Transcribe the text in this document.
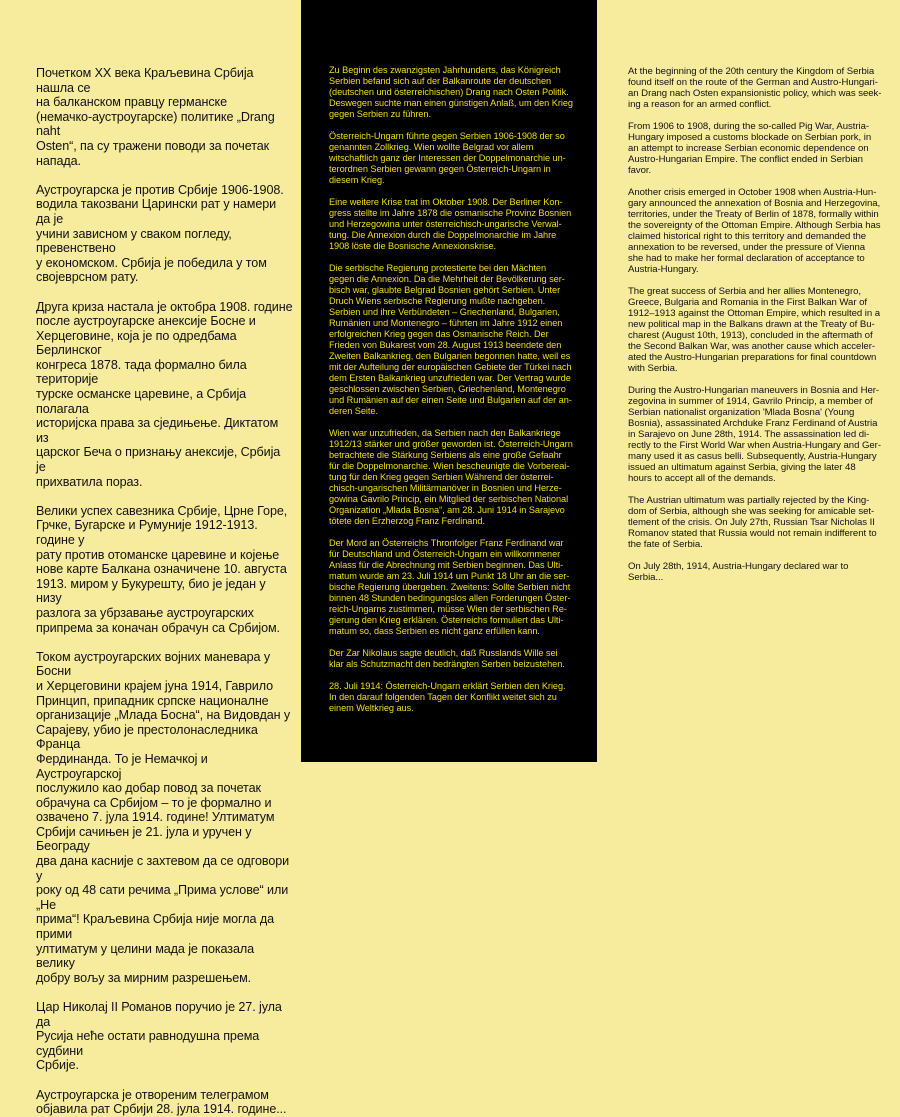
Почетком XX века Краљевина Србија нашла се
на балканском правцу германске
(немачко-аустроугарске) политике „Drang naht
Osten“, па су тражени поводи за почетак
напада.

Аустроугарска је против Србије 1906-1908.
водила такозвани Царински рат у намери да је
учини зависном у сваком погледу, превенствено
у економском. Србија је победила у том
својеврсном рату.

Друга криза настала је октобра 1908. године
после аустроугарске анексије Босне и
Херцеговине, која је по одредбама Берлинског
конгреса 1878. тада формално била територије
турске османске царевине, а Србија полагала
историјска права за сједињење. Диктатом из
царског Беча о признању анексије, Србија је
прихватила пораз.

Велики успех савезника Србије, Црне Горе,
Грчке, Бугарске и Румуније 1912-1913. године у
рату против отоманске царевине и којење
нове карте Балкана означичене 10. августа
1913. миром у Букурешту, био је један у низу
разлога за убрзавање аустроугарских
припрема за коначан обрачун са Србијом.

Током аустроугарских војних маневара у Босни
и Херцеговини крајем јуна 1914, Гаврило
Принцип, припадник српске националне
организације „Млада Босна“, на Видовдан у
Сарајеву, убио је престолонаследника Франца
Фердинанда. То је Немачкој и Аустроугарској
послужило као добар повод за почетак
обрачуна са Србијом – то је формално и
озвачено 7. јула 1914. године! Ултиматум
Србији сачињен је 21. јула и уручен у Београду
два дана касније с захтевом да се одговори у
року од 48 сати речима „Прима услове“ или „Не
прима“! Краљевина Србија није могла да прими
ултиматум у целини мада је показала велику
добру вољу за мирним разрешењем.

Цар Николај II Романов поручио је 27. јула да
Русија неће остати равнодушна према судбини
Србије.

Аустроугарска је отвореним телеграмом
објавила рат Србији 28. јула 1914. године...

Zu Beginn des zwanzigsten Jahrhunderts, das Königreich
Serbien befand sich auf der Balkanroute der deutschen
(deutschen und österreichischen) Drang nach Osten Politik.
Deswegen suchte man einen günstigen Anlaß, um den Krieg
gegen Serbien zu führen.

Österreich-Ungarn führte gegen Serbien 1906-1908 der so
genannten Zollkrieg. Wien wollte Belgrad vor allem
witschaftlich ganz der Interessen der Doppelmonarchie un-
terordnen Serbien gewann gegen Österreich-Ungarn in
diesem Krieg.

Eine weitere Krise trat im Oktober 1908. Der Berliner Kon-
gress stellte im Jahre 1878 die osmanische Provinz Bosnien
und Herzegowina unter österreichisch-ungarische Verwal-
tung. Die Annexion durch die Doppelmonarchie im Jahre
1908 löste die Bosnische Annexionskrise.

Die serbische Regierung protestierte bei den Mächten
gegen die Annexion. Da die Mehrheit der Bevölkerung ser-
bisch war, glaubte Belgrad Bosnien gehört Serbien. Unter
Druch Wiens serbische Regierung mußte nachgeben.
Serbien und ihre Verbündeten – Griechenland, Bulgarien,
Rumänien und Montenegro – führten im Jahre 1912 einen
erfolgreichen Krieg gegen das Osmanische Reich. Der
Frieden von Bukarest vom 28. August 1913 beendete den
Zweiten Balkankrieg, den Bulgarien begonnen hatte, weil es
mit der Aufteilung der europäischen Gebiete der Türkei nach
dem Ersten Balkankrieg unzufrieden war. Der Vertrag wurde
geschlossen zwischen Serbien, Griechenland, Montenegro
und Rumänien auf der einen Seite und Bulgarien auf der an-
deren Seite.

Wien war unzufrieden, da Serbien nach den Balkankriege
1912/13 stärker und größer geworden ist. Österreich-Ungarn
betrachtete die Stärkung Serbiens als eine große Gefaahr
für die Doppelmonarchie. Wien bescheunigte die Vorbereai-
tung für den Krieg gegen Serbien Während der österrei-
chisch-ungarischen Militärmanöver in Bosnien und Herze-
gowina Gavrilo Princip, ein Mitglied der serbischen National
Organization „Mlada Bosna“, am 28. Juni 1914 in Sarajevo
tötete den Erzherzog Franz Ferdinand.

Der Mord an Österreichs Thronfolger Franz Ferdinand war
für Deutschland und Österreich-Ungarn ein willkommener
Anlass für die Abrechnung mit Serbien beginnen. Das Ulti-
matum wurde am 23. Juli 1914 um Punkt 18 Uhr an die ser-
bische Regierung übergeben. Zweitens: Sollte Serbien nicht
binnen 48 Stunden bedingungslos allen Forderungen Öster-
reich-Ungarns zustimmen, müsse Wien der serbischen Re-
gierung den Krieg erklären. Österreichs formuliert das Ulti-
matum so, dass Serbien es nicht ganz erfüllen kann.

Der Zar Nikolaus sagte deutlich, daß Russlands Wille sei
klar als Schutzmacht den bedrängten Serben beizustehen.

28. Juli 1914: Österreich-Ungarn erklärt Serbien den Krieg.
In den darauf folgenden Tagen der Konflikt weitet sich zu
einem Weltkrieg aus.

At the beginning of the 20th century the Kingdom of Serbia
found itself on the route of the German and Austro-Hungari-
an Drang nach Osten expansionistic policy, which was seek-
ing a reason for an armed conflict.

From 1906 to 1908, during the so-called Pig War, Austria-
Hungary imposed a customs blockade on Serbian pork, in
an attempt to increase Serbian economic dependence on
Austro-Hungarian Empire. The conflict ended in Serbian
favor.

Another crisis emerged in October 1908 when Austria-Hun-
gary announced the annexation of Bosnia and Herzegovina,
territories, under the Treaty of Berlin of 1878, formally within
the sovereignty of the Ottoman Empire. Although Serbia has
claimed historical right to this territory and demanded the
annexation to be reversed, under the pressure of Vienna
she had to make her formal declaration of acceptance to
Austria-Hungary.

The great success of Serbia and her allies Montenegro,
Greece, Bulgaria and Romania in the First Balkan War of
1912–1913 against the Ottoman Empire, which resulted in a
new political map in the Balkans drawn at the Treaty of Bu-
charest (August 10th, 1913), concluded in the aftermath of
the Second Balkan War, was another cause which acceler-
ated the Austro-Hungarian preparations for final countdown
with Serbia.

During the Austro-Hungarian maneuvers in Bosnia and Her-
zegovina in summer of 1914, Gavrilo Princip, a member of
Serbian nationalist organization 'Mlada Bosna' (Young
Bosnia), assassinated Archduke Franz Ferdinand of Austria
in Sarajevo on June 28th, 1914. The assassination led di-
rectly to the First World War when Austria-Hungary and Ger-
many used it as casus belli. Subsequently, Austria-Hungary
issued an ultimatum against Serbia, giving the later 48
hours to accept all of the demands.

The Austrian ultimatum was partially rejected by the King-
dom of Serbia, although she was seeking for amicable set-
tlement of the crisis. On July 27th, Russian Tsar Nicholas II
Romanov stated that Russia would not remain indifferent to
the fate of Serbia.

On July 28th, 1914, Austria-Hungary declared war to
Serbia...
